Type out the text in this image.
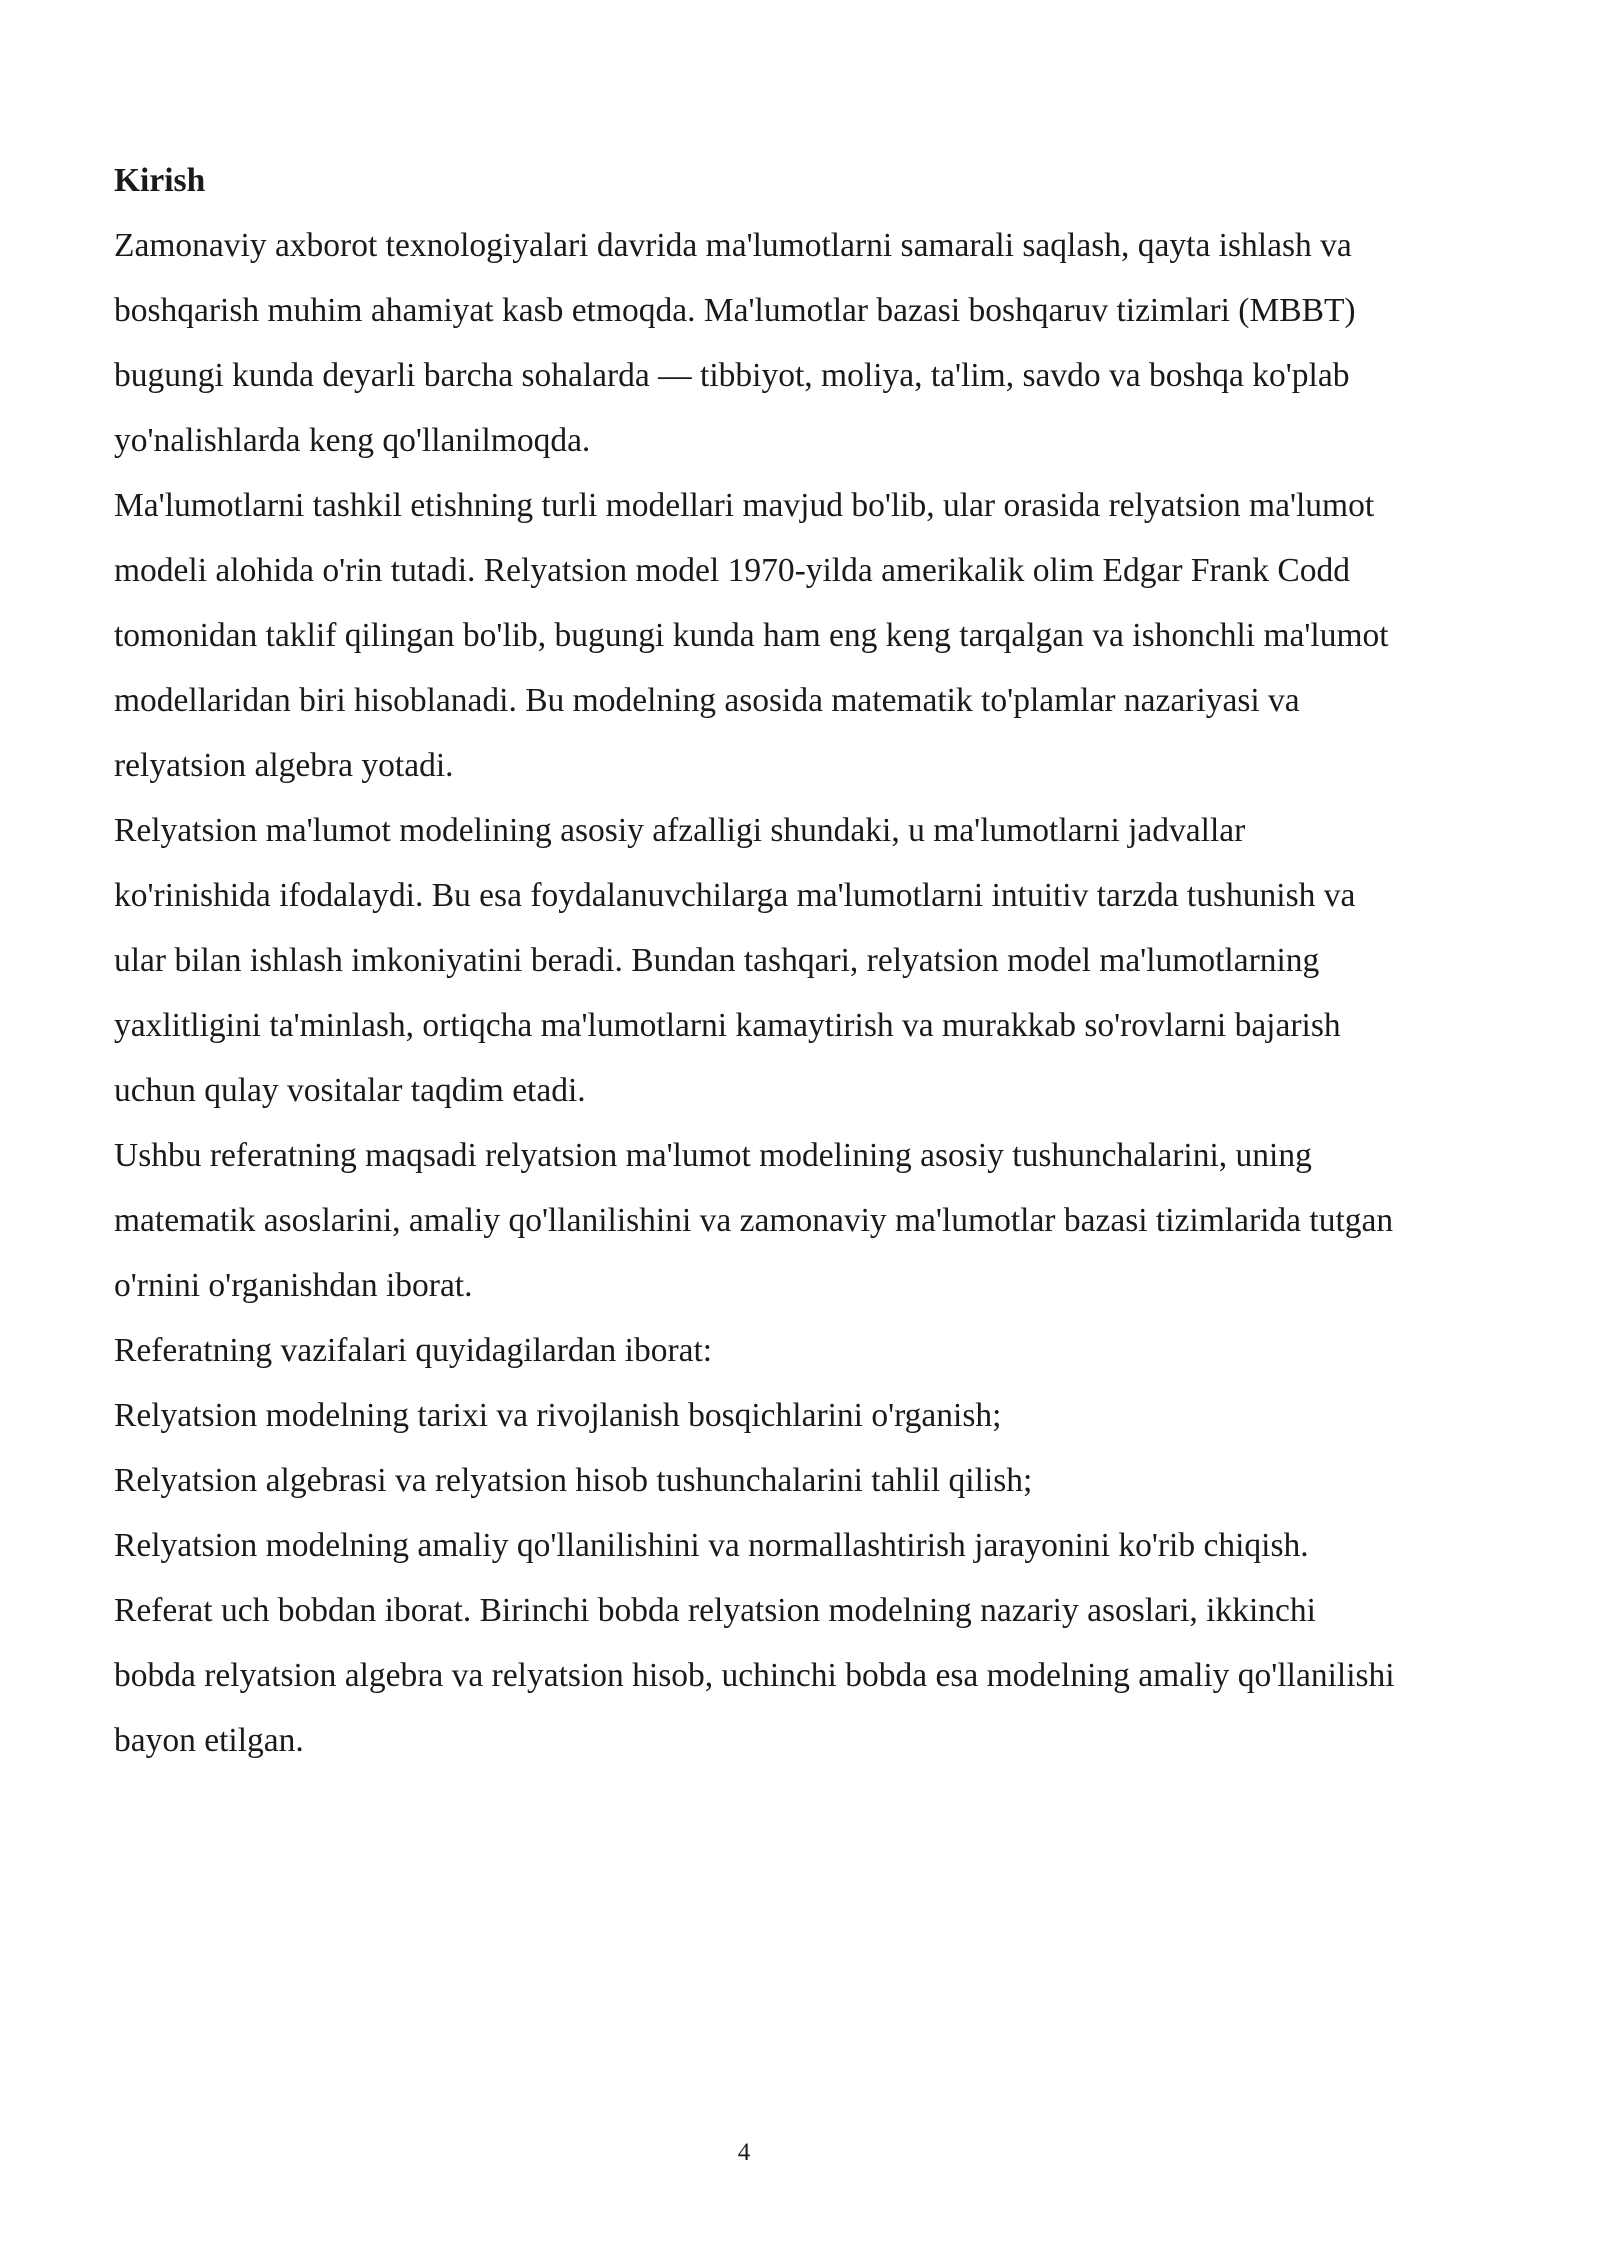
Kirish

Zamonaviy axborot texnologiyalari davrida ma'lumotlarni samarali saqlash, qayta ishlash va boshqarish muhim ahamiyat kasb etmoqda. Ma'lumotlar bazasi boshqaruv tizimlari (MBBT) bugungi kunda deyarli barcha sohalarda — tibbiyot, moliya, ta'lim, savdo va boshqa ko'plab yo'nalishlarda keng qo'llanilmoqda.

Ma'lumotlarni tashkil etishning turli modellari mavjud bo'lib, ular orasida relyatsion ma'lumot modeli alohida o'rin tutadi. Relyatsion model 1970-yilda amerikalik olim Edgar Frank Codd tomonidan taklif qilingan bo'lib, bugungi kunda ham eng keng tarqalgan va ishonchli ma'lumot modellaridan biri hisoblanadi. Bu modelning asosida matematik to'plamlar nazariyasi va relyatsion algebra yotadi.

Relyatsion ma'lumot modelining asosiy afzalligi shundaki, u ma'lumotlarni jadvallar ko'rinishida ifodalaydi. Bu esa foydalanuvchilarga ma'lumotlarni intuitiv tarzda tushunish va ular bilan ishlash imkoniyatini beradi. Bundan tashqari, relyatsion model ma'lumotlarning yaxlitligini ta'minlash, ortiqcha ma'lumotlarni kamaytirish va murakkab so'rovlarni bajarish uchun qulay vositalar taqdim etadi.

Ushbu referatning maqsadi relyatsion ma'lumot modelining asosiy tushunchalarini, uning matematik asoslarini, amaliy qo'llanilishini va zamonaviy ma'lumotlar bazasi tizimlarida tutgan o'rnini o'rganishdan iborat.

Referatning vazifalari quyidagilardan iborat:

Relyatsion modelning tarixi va rivojlanish bosqichlarini o'rganish;

Relyatsion algebrasi va relyatsion hisob tushunchalarini tahlil qilish;

Relyatsion modelning amaliy qo'llanilishini va normallashtirish jarayonini ko'rib chiqish.

Referat uch bobdan iborat. Birinchi bobda relyatsion modelning nazariy asoslari, ikkinchi bobda relyatsion algebra va relyatsion hisob, uchinchi bobda esa modelning amaliy qo'llanilishi bayon etilgan.

4
